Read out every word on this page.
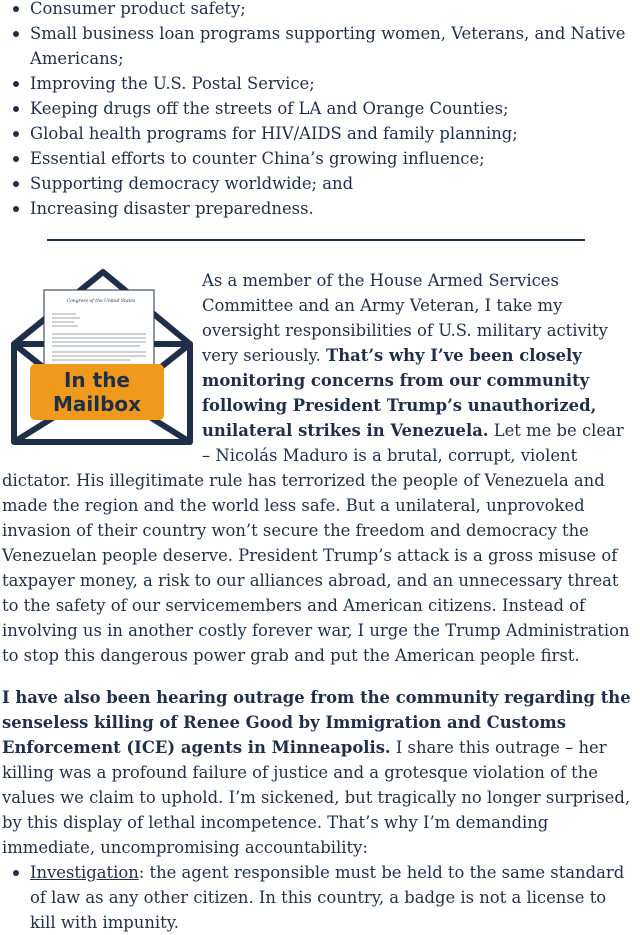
Consumer product safety;
Small business loan programs supporting women, Veterans, and Native Americans;
Improving the U.S. Postal Service;
Keeping drugs off the streets of LA and Orange Counties;
Global health programs for HIV/AIDS and family planning;
Essential efforts to counter China’s growing influence;
Supporting democracy worldwide; and
Increasing disaster preparedness.
Congress of the United States
In the
Mailbox

As a member of the House Armed Services Committee and an Army Veteran, I take my oversight responsibilities of U.S. military activity very seriously. That’s why I’ve been closely monitoring concerns from our community following President Trump’s unauthorized, unilateral strikes in Venezuela. Let me be clear – Nicolás Maduro is a brutal, corrupt, violent dictator. His illegitimate rule has terrorized the people of Venezuela and made the region and the world less safe. But a unilateral, unprovoked invasion of their country won’t secure the freedom and democracy the Venezuelan people deserve. President Trump’s attack is a gross misuse of taxpayer money, a risk to our alliances abroad, and an unnecessary threat to the safety of our servicemembers and American citizens. Instead of involving us in another costly forever war, I urge the Trump Administration to stop this dangerous power grab and put the American people first.

I have also been hearing outrage from the community regarding the senseless killing of Renee Good by Immigration and Customs Enforcement (ICE) agents in Minneapolis. I share this outrage – her killing was a profound failure of justice and a grotesque violation of the values we claim to uphold. I’m sickened, but tragically no longer surprised, by this display of lethal incompetence. That’s why I’m demanding immediate, uncompromising accountability:

Investigation: the agent responsible must be held to the same standard of law as any other citizen. In this country, a badge is not a license to kill with impunity.
